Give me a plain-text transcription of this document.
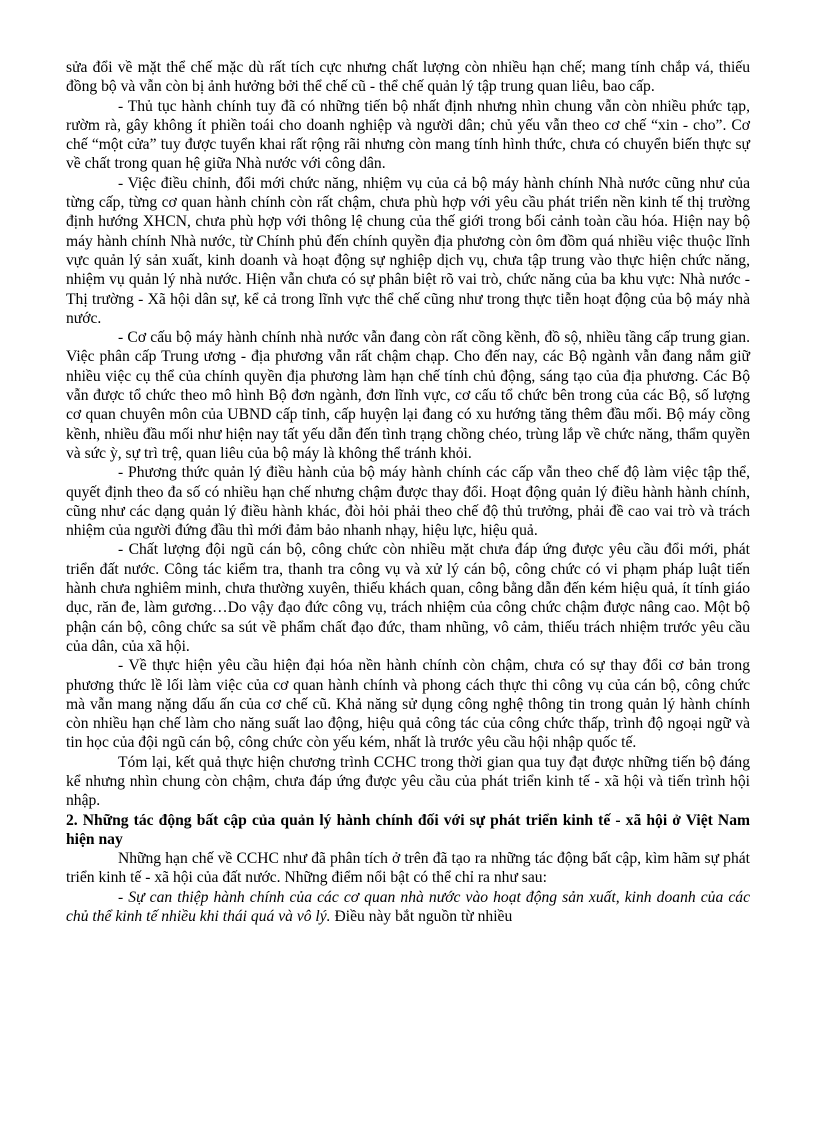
sửa đổi về mặt thể chế mặc dù rất tích cực nhưng chất lượng còn nhiều hạn chế; mang tính chắp vá, thiếu đồng bộ và vẫn còn bị ảnh hưởng bởi thể chế cũ - thể chế quản lý tập trung quan liêu, bao cấp.

- Thủ tục hành chính tuy đã có những tiến bộ nhất định nhưng nhìn chung vẫn còn nhiều phức tạp, rườm rà, gây không ít phiền toái cho doanh nghiệp và người dân; chủ yếu vẫn theo cơ chế “xin - cho”. Cơ chế “một cửa” tuy được tuyển khai rất rộng rãi nhưng còn mang tính hình thức, chưa có chuyển biến thực sự về chất trong quan hệ giữa Nhà nước với công dân.

- Việc điều chỉnh, đổi mới chức năng, nhiệm vụ của cả bộ máy hành chính Nhà nước cũng như của từng cấp, từng cơ quan hành chính còn rất chậm, chưa phù hợp với yêu cầu phát triển nền kinh tế thị trường định hướng XHCN, chưa phù hợp với thông lệ chung của thế giới trong bối cảnh toàn cầu hóa. Hiện nay bộ máy hành chính Nhà nước, từ Chính phủ đến chính quyền địa phương còn ôm đồm quá nhiều việc thuộc lĩnh vực quản lý sản xuất, kinh doanh và hoạt động sự nghiệp dịch vụ, chưa tập trung vào thực hiện chức năng, nhiệm vụ quản lý nhà nước. Hiện vẫn chưa có sự phân biệt rõ vai trò, chức năng của ba khu vực: Nhà nước - Thị trường - Xã hội dân sự, kể cả trong lĩnh vực thể chế cũng như trong thực tiễn hoạt động của bộ máy nhà nước.

- Cơ cấu bộ máy hành chính nhà nước vẫn đang còn rất cồng kềnh, đồ sộ, nhiều tầng cấp trung gian. Việc phân cấp Trung ương - địa phương vẫn rất chậm chạp. Cho đến nay, các Bộ ngành vẫn đang nắm giữ nhiều việc cụ thể của chính quyền địa phương làm hạn chế tính chủ động, sáng tạo của địa phương. Các Bộ vẫn được tổ chức theo mô hình Bộ đơn ngành, đơn lĩnh vực, cơ cấu tổ chức bên trong của các Bộ, số lượng cơ quan chuyên môn của UBND cấp tỉnh, cấp huyện lại đang có xu hướng tăng thêm đầu mối. Bộ máy cồng kềnh, nhiều đầu mối như hiện nay tất yếu dẫn đến tình trạng chồng chéo, trùng lắp về chức năng, thẩm quyền và sức ỳ, sự trì trệ, quan liêu của bộ máy là không thể tránh khỏi.

- Phương thức quản lý điều hành của bộ máy hành chính các cấp vẫn theo chế độ làm việc tập thể, quyết định theo đa số có nhiều hạn chế nhưng chậm được thay đổi. Hoạt động quản lý điều hành hành chính, cũng như các dạng quản lý điều hành khác, đòi hỏi phải theo chế độ thủ trưởng, phải đề cao vai trò và trách nhiệm của người đứng đầu thì mới đảm bảo nhanh nhạy, hiệu lực, hiệu quả.

- Chất lượng đội ngũ cán bộ, công chức còn nhiều mặt chưa đáp ứng được yêu cầu đổi mới, phát triển đất nước. Công tác kiểm tra, thanh tra công vụ và xử lý cán bộ, công chức có vi phạm pháp luật tiến hành chưa nghiêm minh, chưa thường xuyên, thiếu khách quan, công bằng dẫn đến kém hiệu quả, ít tính giáo dục, răn đe, làm gương…Do vậy đạo đức công vụ, trách nhiệm của công chức chậm được nâng cao. Một bộ phận cán bộ, công chức sa sút về phẩm chất đạo đức, tham nhũng, vô cảm, thiếu trách nhiệm trước yêu cầu của dân, của xã hội.

- Về thực hiện yêu cầu hiện đại hóa nền hành chính còn chậm, chưa có sự thay đổi cơ bản trong phương thức lề lối làm việc của cơ quan hành chính và phong cách thực thi công vụ của cán bộ, công chức mà vẫn mang nặng dấu ấn của cơ chế cũ. Khả năng sử dụng công nghệ thông tin trong quản lý hành chính còn nhiều hạn chế làm cho năng suất lao động, hiệu quả công tác của công chức thấp, trình độ ngoại ngữ và tin học của đội ngũ cán bộ, công chức còn yếu kém, nhất là trước yêu cầu hội nhập quốc tế.

Tóm lại, kết quả thực hiện chương trình CCHC trong thời gian qua tuy đạt được những tiến bộ đáng kể nhưng nhìn chung còn chậm, chưa đáp ứng được yêu cầu của phát triển kinh tế - xã hội và tiến trình hội nhập.

2. Những tác động bất cập của quản lý hành chính đối với sự phát triển kinh tế - xã hội ở Việt Nam hiện nay

Những hạn chế về CCHC như đã phân tích ở trên đã tạo ra những tác động bất cập, kìm hãm sự phát triển kinh tế - xã hội của đất nước. Những điểm nổi bật có thể chỉ ra như sau:

- Sự can thiệp hành chính của các cơ quan nhà nước vào hoạt động sản xuất, kinh doanh của các chủ thể kinh tế nhiều khi thái quá và vô lý. Điều này bắt nguồn từ nhiều
